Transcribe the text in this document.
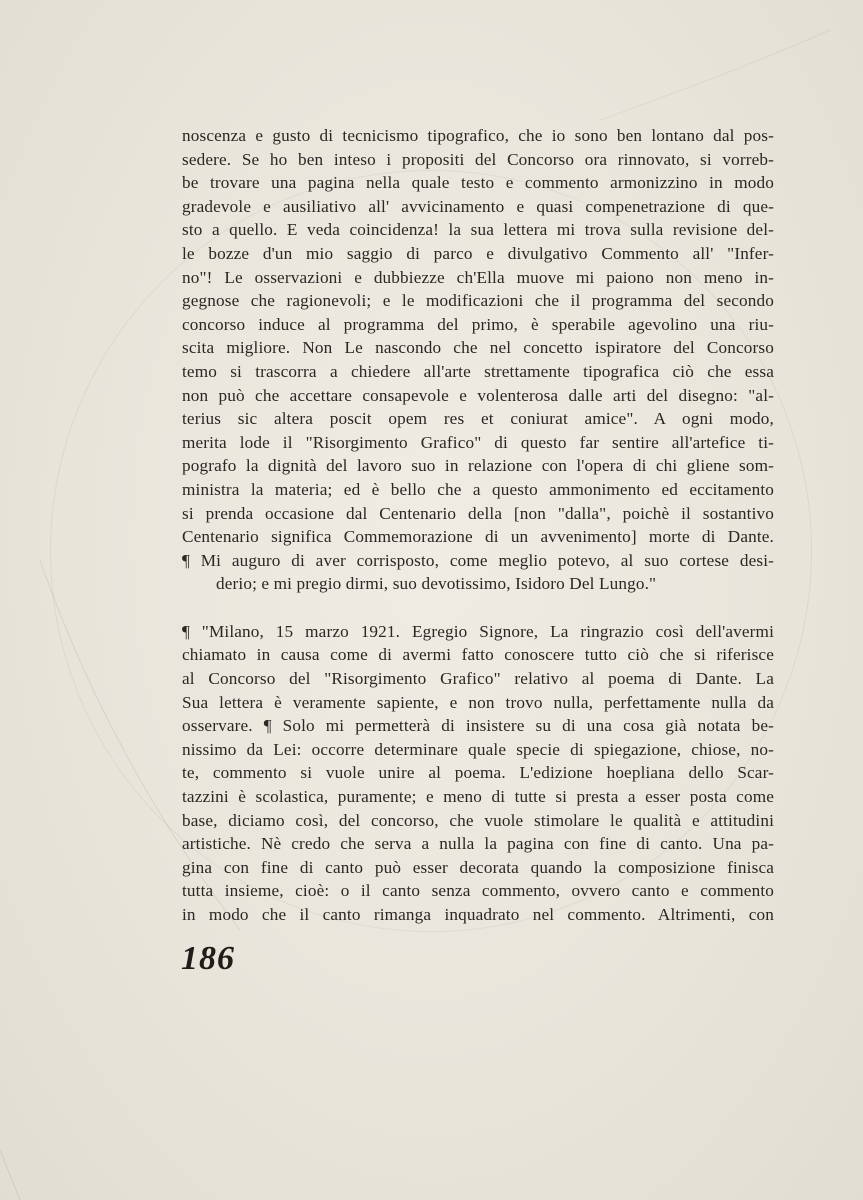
noscenza e gusto di tecnicismo tipografico, che io sono ben lontano dal pos-
sedere. Se ho ben inteso i propositi del Concorso ora rinnovato, si vorreb-
be trovare una pagina nella quale testo e commento armonizzino in modo
gradevole e ausiliativo all' avvicinamento e quasi compenetrazione di que-
sto a quello. E veda coincidenza! la sua lettera mi trova sulla revisione del-
le bozze d'un mio saggio di parco e divulgativo Commento all' "Infer-
no"! Le osservazioni e dubbiezze ch'Ella muove mi paiono non meno in-
gegnose che ragionevoli; e le modificazioni che il programma del secondo
concorso induce al programma del primo, è sperabile agevolino una riu-
scita migliore. Non Le nascondo che nel concetto ispiratore del Concorso
temo si trascorra a chiedere all'arte strettamente tipografica ciò che essa
non può che accettare consapevole e volenterosa dalle arti del disegno: "al-
terius sic altera poscit opem res et coniurat amice". A ogni modo,
merita lode il "Risorgimento Grafico" di questo far sentire all'artefice ti-
pografo la dignità del lavoro suo in relazione con l'opera di chi gliene som-
ministra la materia; ed è bello che a questo ammonimento ed eccitamento
si prenda occasione dal Centenario della [non "dalla", poichè il sostantivo
Centenario significa Commemorazione di un avvenimento] morte di Dante.
¶ Mi auguro di aver corrisposto, come meglio potevo, al suo cortese desi-
derio; e mi pregio dirmi, suo devotissimo, Isidoro Del Lungo."
¶ "Milano, 15 marzo 1921. Egregio Signore, La ringrazio così dell'avermi
chiamato in causa come di avermi fatto conoscere tutto ciò che si riferisce
al Concorso del "Risorgimento Grafico" relativo al poema di Dante. La
Sua lettera è veramente sapiente, e non trovo nulla, perfettamente nulla da
osservare. ¶ Solo mi permetterà di insistere su di una cosa già notata be-
nissimo da Lei: occorre determinare quale specie di spiegazione, chiose, no-
te, commento si vuole unire al poema. L'edizione hoepliana dello Scar-
tazzini è scolastica, puramente; e meno di tutte si presta a esser posta come
base, diciamo così, del concorso, che vuole stimolare le qualità e attitudini
artistiche. Nè credo che serva a nulla la pagina con fine di canto. Una pa-
gina con fine di canto può esser decorata quando la composizione finisca
tutta insieme, cioè: o il canto senza commento, ovvero canto e commento
in modo che il canto rimanga inquadrato nel commento. Altrimenti, con
186
